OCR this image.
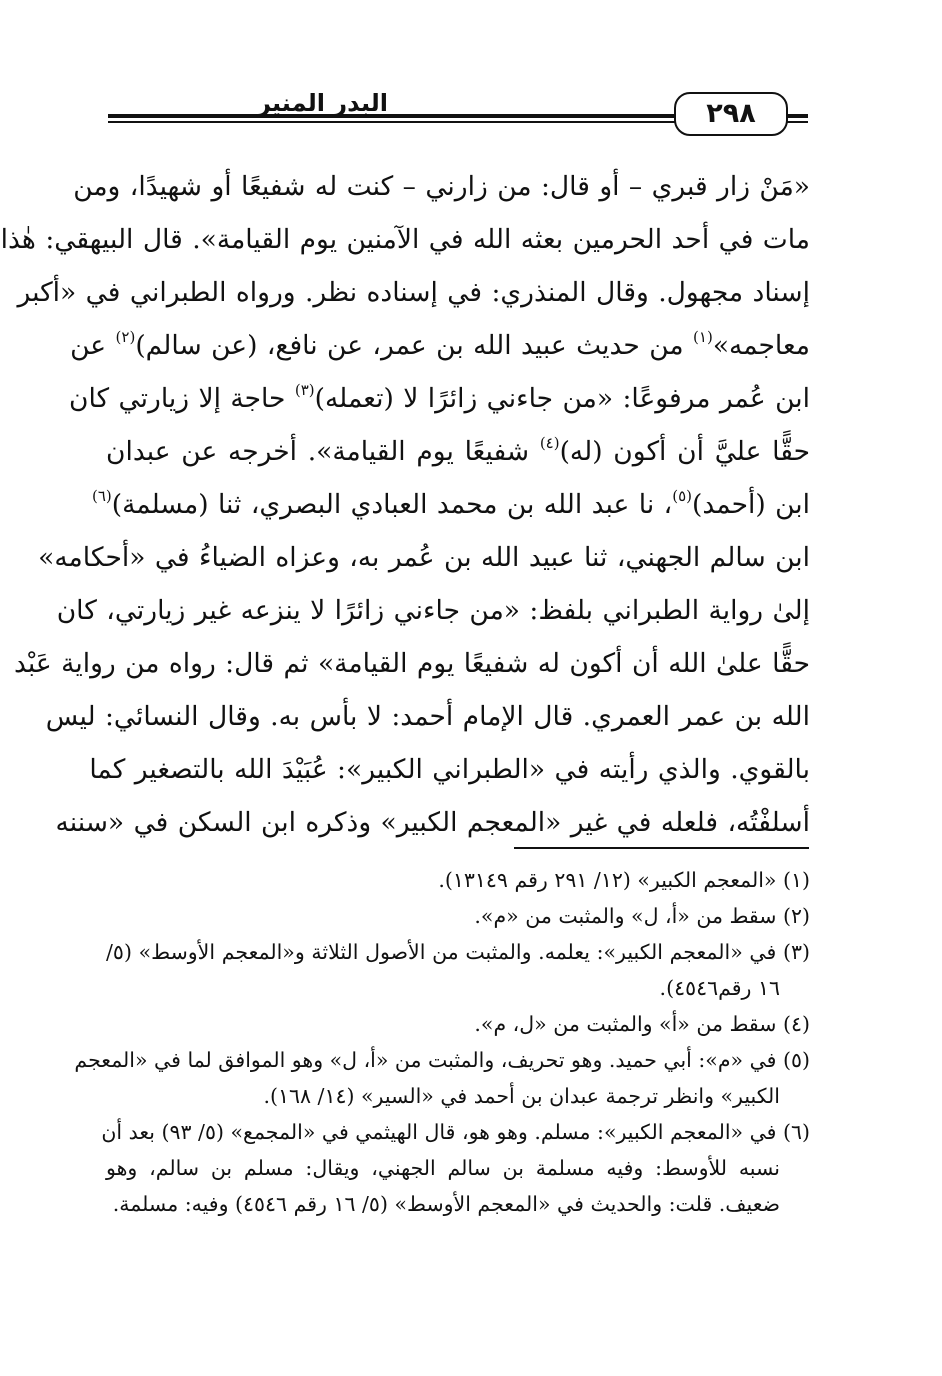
البدر المنير	٢٩٨

«مَنْ زار قبري – أو قال: من زارني – كنت له شفيعًا أو شهيدًا، ومن

مات في أحد الحرمين بعثه الله في الآمنين يوم القيامة». قال البيهقي: هٰذا

إسناد مجهول. وقال المنذري: في إسناده نظر. ورواه الطبراني في «أكبر

معاجمه»$^{(١)}$ من حديث عبيد الله بن عمر، عن نافع، (عن سالم)$^{(٢)}$ عن

ابن عُمر مرفوعًا: «من جاءني زائرًا لا (تعمله)$^{(٣)}$ حاجة إلا زيارتي كان

حقًّا عليَّ أن أكون (له)$^{(٤)}$ شفيعًا يوم القيامة». أخرجه عن عبدان

ابن (أحمد)$^{(٥)}$، نا عبد الله بن محمد العبادي البصري، ثنا (مسلمة)$^{(٦)}$

ابن سالم الجهني، ثنا عبيد الله بن عُمر به، وعزاه الضياءُ في «أحكامه»

إلىٰ رواية الطبراني بلفظ: «من جاءني زائرًا لا ينزعه غير زيارتي، كان

حقًّا علىٰ الله أن أكون له شفيعًا يوم القيامة» ثم قال: رواه من رواية عَبْد

الله بن عمر العمري. قال الإمام أحمد: لا بأس به. وقال النسائي: ليس

بالقوي. والذي رأيته في «الطبراني الكبير»: عُبَيْدَ الله بالتصغير كما

أسلفْتُه، فلعله في غير «المعجم الكبير» وذكره ابن السكن في «سننه

(١) «المعجم الكبير» (١٢/ ٢٩١ رقم ١٣١٤٩).
(٢) سقط من «أ، ل» والمثبت من «م».
(٣) في «المعجم الكبير»: يعلمه. والمثبت من الأصول الثلاثة و«المعجم الأوسط» (٥/
١٦ رقم٤٥٤٦).
(٤) سقط من «أ» والمثبت من «ل، م».
(٥) في «م»: أبي حميد. وهو تحريف، والمثبت من «أ، ل» وهو الموافق لما في «المعجم
الكبير» وانظر ترجمة عبدان بن أحمد في «السير» (١٤/ ١٦٨).
(٦) في «المعجم الكبير»: مسلم. وهو هو، قال الهيثمي في «المجمع» (٥/ ٩٣) بعد أن
نسبه للأوسط: وفيه مسلمة بن سالم الجهني، ويقال: مسلم بن سالم، وهو
ضعيف. قلت: والحديث في «المعجم الأوسط» (٥/ ١٦ رقم ٤٥٤٦) وفيه: مسلمة.
